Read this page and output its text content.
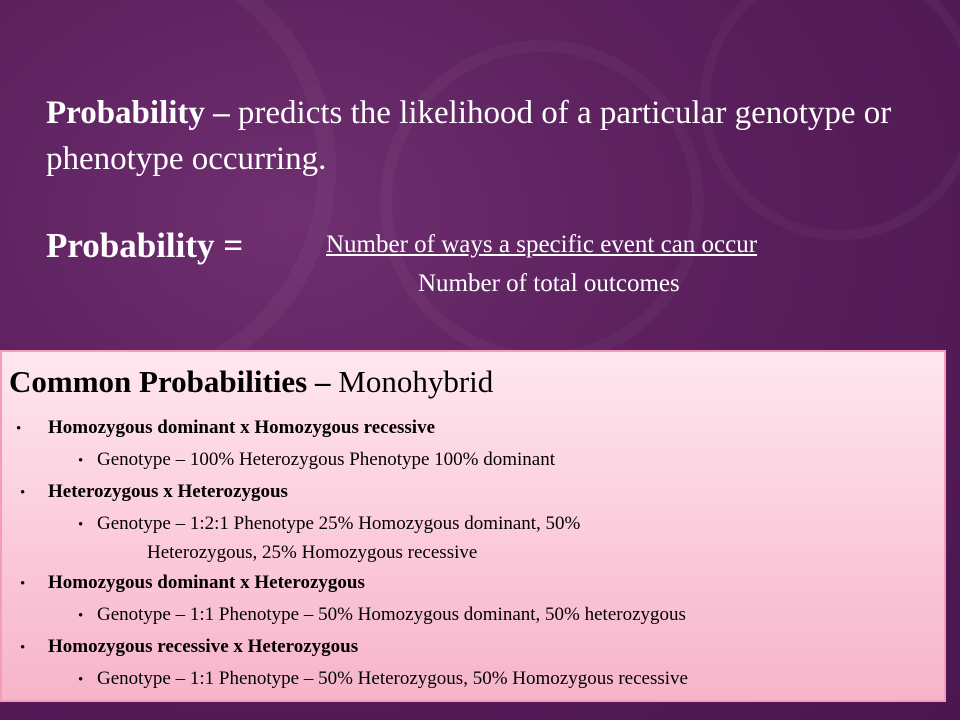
Probability – predicts the likelihood of a particular genotype or phenotype occurring.
Probability =	Number of ways a specific event can occur
Number of total outcomes
Common Probabilities – Monohybrid
• Homozygous dominant x Homozygous recessive
• Genotype – 100% Heterozygous Phenotype 100% dominant
• Heterozygous x Heterozygous
• Genotype – 1:2:1 Phenotype 25% Homozygous dominant, 50%
Heterozygous, 25% Homozygous recessive
• Homozygous dominant x Heterozygous
• Genotype – 1:1 Phenotype – 50% Homozygous dominant, 50% heterozygous
• Homozygous recessive x Heterozygous
• Genotype – 1:1 Phenotype – 50% Heterozygous, 50% Homozygous recessive
